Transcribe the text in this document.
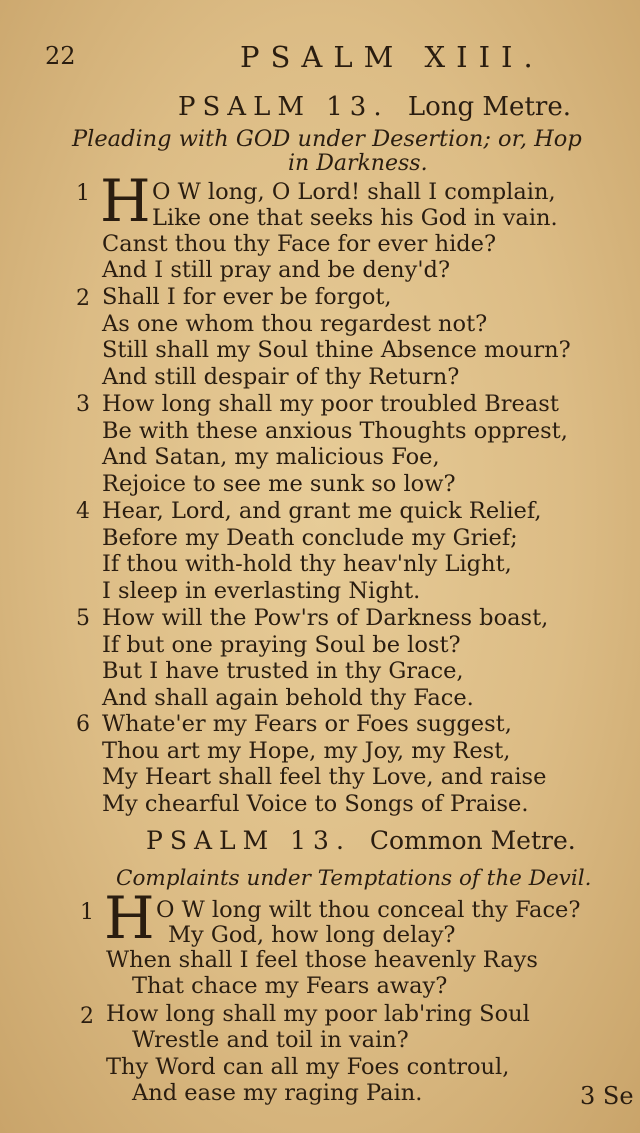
22	PSALM XIII.
PSALM 13. Long Metre.
Pleading with GOD under Desertion; or, Hop
in Darkness.
1
2
3
4
5
6
H O W long, O Lord! shall I complain,
Like one that seeks his God in vain.
Canst thou thy Face for ever hide?
And I still pray and be deny'd?
Shall I for ever be forgot,
As one whom thou regardest not?
Still shall my Soul thine Absence mourn?
And still despair of thy Return?
How long shall my poor troubled Breast
Be with these anxious Thoughts opprest,
And Satan, my malicious Foe,
Rejoice to see me sunk so low?
Hear, Lord, and grant me quick Relief,
Before my Death conclude my Grief;
If thou with-hold thy heav'nly Light,
I sleep in everlasting Night.
How will the Pow'rs of Darkness boast,
If but one praying Soul be lost?
But I have trusted in thy Grace,
And shall again behold thy Face.
Whate'er my Fears or Foes suggest,
Thou art my Hope, my Joy, my Rest,
My Heart shall feel thy Love, and raise
My chearful Voice to Songs of Praise.
PSALM 13. Common Metre.
Complaints under Temptations of the Devil.
1
2
H O W long wilt thou conceal thy Face?
My God, how long delay?
When shall I feel those heavenly Rays
That chace my Fears away?
How long shall my poor lab'ring Soul
Wrestle and toil in vain?
Thy Word can all my Foes controul,
And ease my raging Pain.	3 Se
